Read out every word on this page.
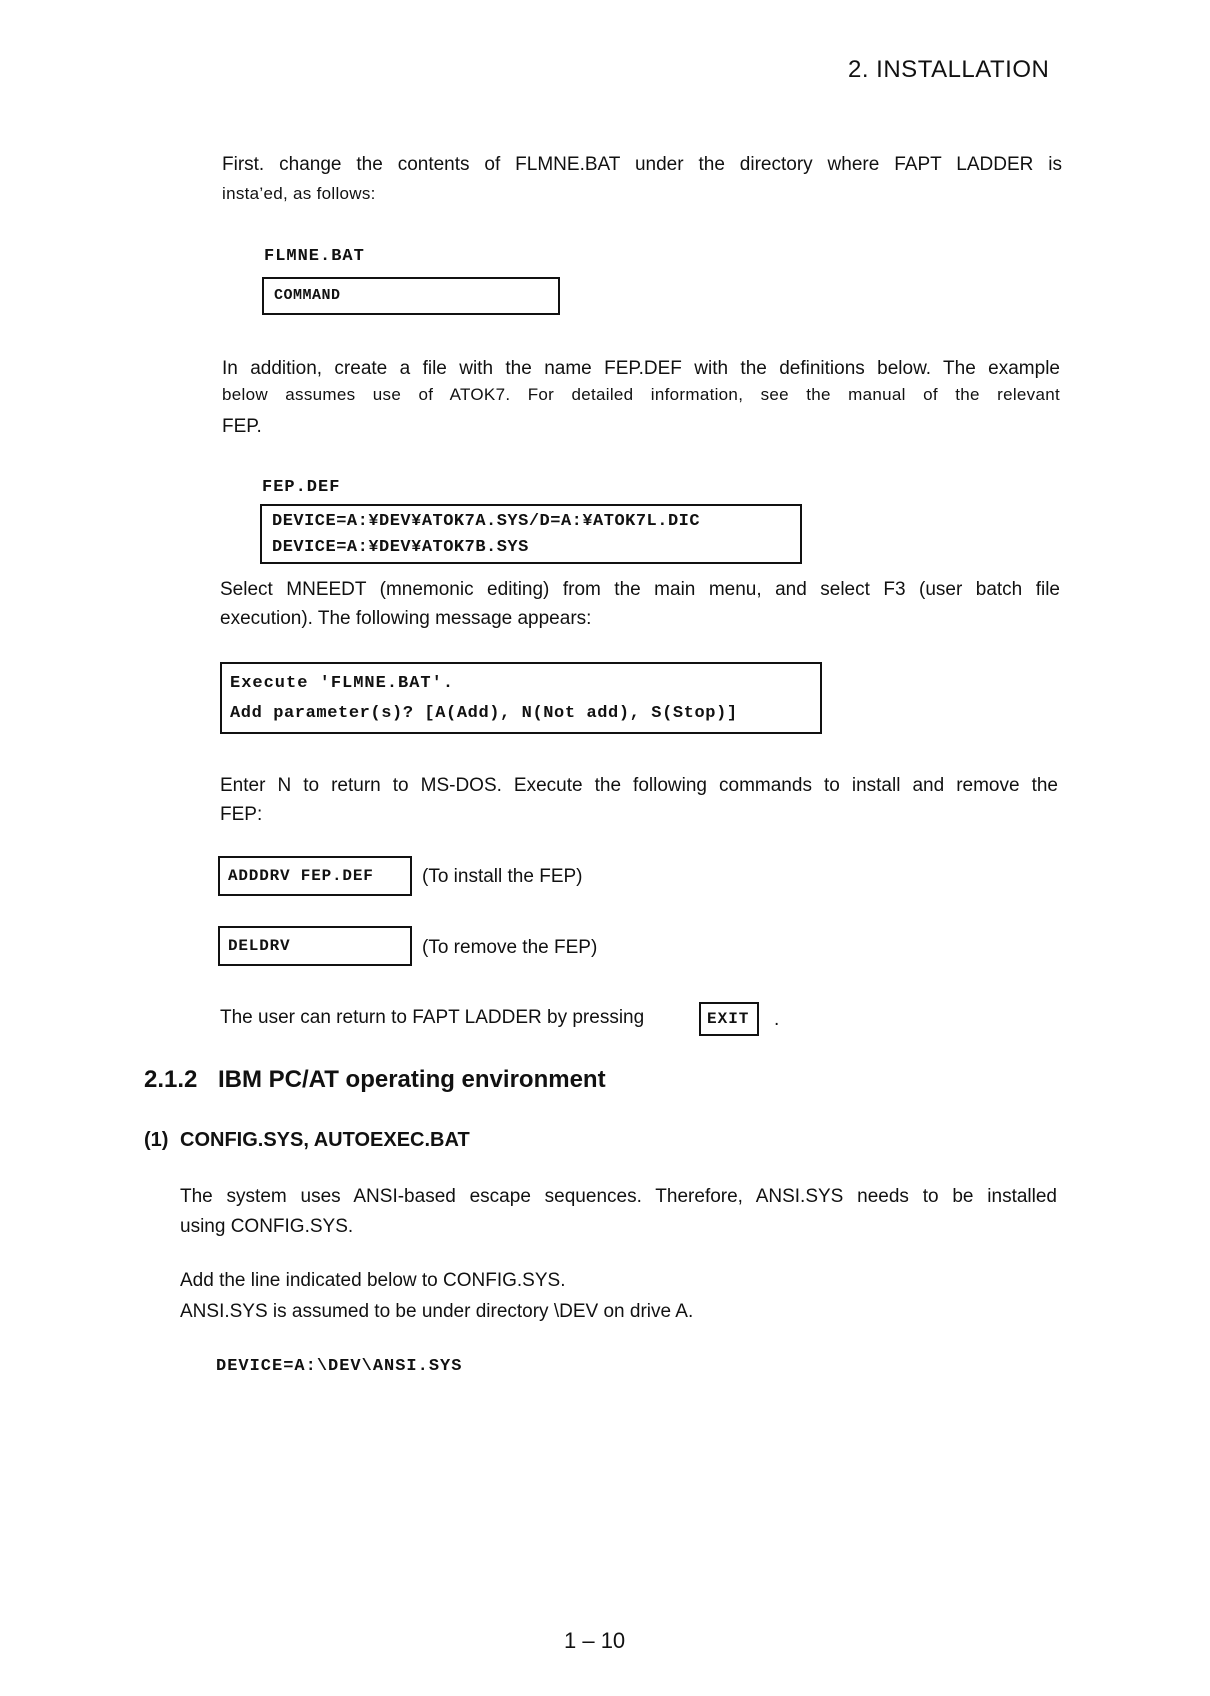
2. INSTALLATION
First. change the contents of FLMNE.BAT under the directory where FAPT LADDER is
insta’ed, as follows:
FLMNE.BAT
COMMAND
In addition, create a file with the name FEP.DEF with the definitions below. The example
below assumes use of ATOK7. For detailed information, see the manual of the relevant
FEP.
FEP.DEF
DEVICE=A:¥DEV¥ATOK7A.SYS/D=A:¥ATOK7L.DIC
DEVICE=A:¥DEV¥ATOK7B.SYS
Select MNEEDT (mnemonic editing) from the main menu, and select F3 (user batch file
execution). The following message appears:
Execute 'FLMNE.BAT'.
Add parameter(s)? [A(Add), N(Not add), S(Stop)]
Enter N to return to MS-DOS. Execute the following commands to install and remove the
FEP:
ADDDRV FEP.DEF	(To install the FEP)
DELDRV	(To remove the FEP)
The user can return to FAPT LADDER by pressing	EXIT .
2.1.2 IBM PC/AT operating environment
(1) CONFIG.SYS, AUTOEXEC.BAT
The system uses ANSI-based escape sequences. Therefore, ANSI.SYS needs to be installed
using CONFIG.SYS.
Add the line indicated below to CONFIG.SYS.
ANSI.SYS is assumed to be under directory \DEV on drive A.
DEVICE=A:\DEV\ANSI.SYS
1 – 10
